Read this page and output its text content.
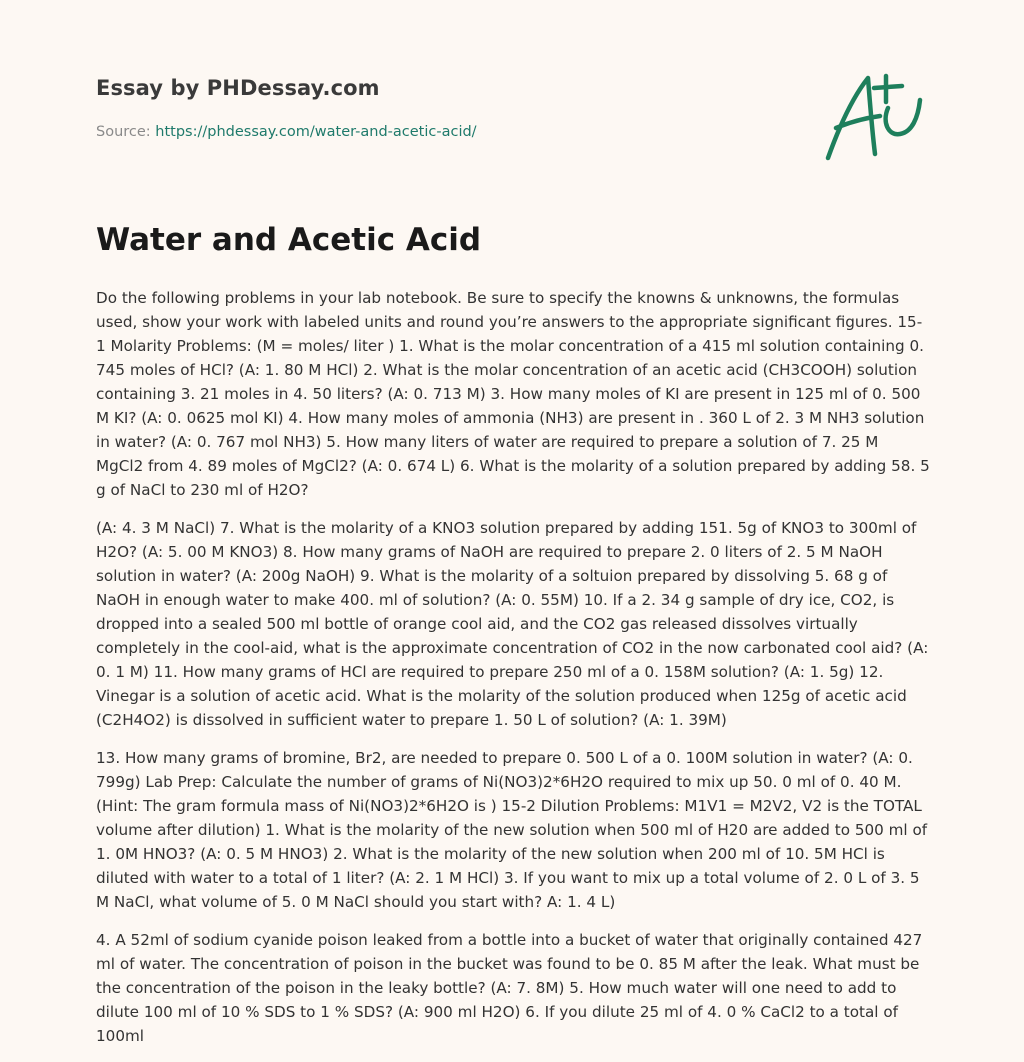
Essay by PHDessay.com
Source: https://phdessay.com/water-and-acetic-acid/
Water and Acetic Acid

Do the following problems in your lab notebook. Be sure to specify the knowns & unknowns, the formulas used, show your work with labeled units and round you’re answers to the appropriate significant figures. 15-1 Molarity Problems: (M = moles/ liter ) 1. What is the molar concentration of a 415 ml solution containing 0. 745 moles of HCl? (A: 1. 80 M HCl) 2. What is the molar concentration of an acetic acid (CH3COOH) solution containing 3. 21 moles in 4. 50 liters? (A: 0. 713 M) 3. How many moles of KI are present in 125 ml of 0. 500 M KI? (A: 0. 0625 mol KI) 4. How many moles of ammonia (NH3) are present in . 360 L of 2. 3 M NH3 solution in water? (A: 0. 767 mol NH3) 5. How many liters of water are required to prepare a solution of 7. 25 M MgCl2 from 4. 89 moles of MgCl2? (A: 0. 674 L) 6. What is the molarity of a solution prepared by adding 58. 5 g of NaCl to 230 ml of H2O?

(A: 4. 3 M NaCl) 7. What is the molarity of a KNO3 solution prepared by adding 151. 5g of KNO3 to 300ml of H2O? (A: 5. 00 M KNO3) 8. How many grams of NaOH are required to prepare 2. 0 liters of 2. 5 M NaOH solution in water? (A: 200g NaOH) 9. What is the molarity of a soltuion prepared by dissolving 5. 68 g of NaOH in enough water to make 400. ml of solution? (A: 0. 55M) 10. If a 2. 34 g sample of dry ice, CO2, is dropped into a sealed 500 ml bottle of orange cool aid, and the CO2 gas released dissolves virtually completely in the cool-aid, what is the approximate concentration of CO2 in the now carbonated cool aid? (A: 0. 1 M) 11. How many grams of HCl are required to prepare 250 ml of a 0. 158M solution? (A: 1. 5g) 12. Vinegar is a solution of acetic acid. What is the molarity of the solution produced when 125g of acetic acid (C2H4O2) is dissolved in sufficient water to prepare 1. 50 L of solution? (A: 1. 39M)

13. How many grams of bromine, Br2, are needed to prepare 0. 500 L of a 0. 100M solution in water? (A: 0. 799g) Lab Prep: Calculate the number of grams of Ni(NO3)2*6H2O required to mix up 50. 0 ml of 0. 40 M. (Hint: The gram formula mass of Ni(NO3)2*6H2O is ) 15-2 Dilution Problems: M1V1 = M2V2, V2 is the TOTAL volume after dilution) 1. What is the molarity of the new solution when 500 ml of H20 are added to 500 ml of 1. 0M HNO3? (A: 0. 5 M HNO3) 2. What is the molarity of the new solution when 200 ml of 10. 5M HCl is diluted with water to a total of 1 liter? (A: 2. 1 M HCl) 3. If you want to mix up a total volume of 2. 0 L of 3. 5 M NaCl, what volume of 5. 0 M NaCl should you start with? A: 1. 4 L)

4. A 52ml of sodium cyanide poison leaked from a bottle into a bucket of water that originally contained 427 ml of water. The concentration of poison in the bucket was found to be 0. 85 M after the leak. What must be the concentration of the poison in the leaky bottle? (A: 7. 8M) 5. How much water will one need to add to dilute 100 ml of 10 % SDS to 1 % SDS? (A: 900 ml H2O) 6. If you dilute 25 ml of 4. 0 % CaCl2 to a total of 100ml
